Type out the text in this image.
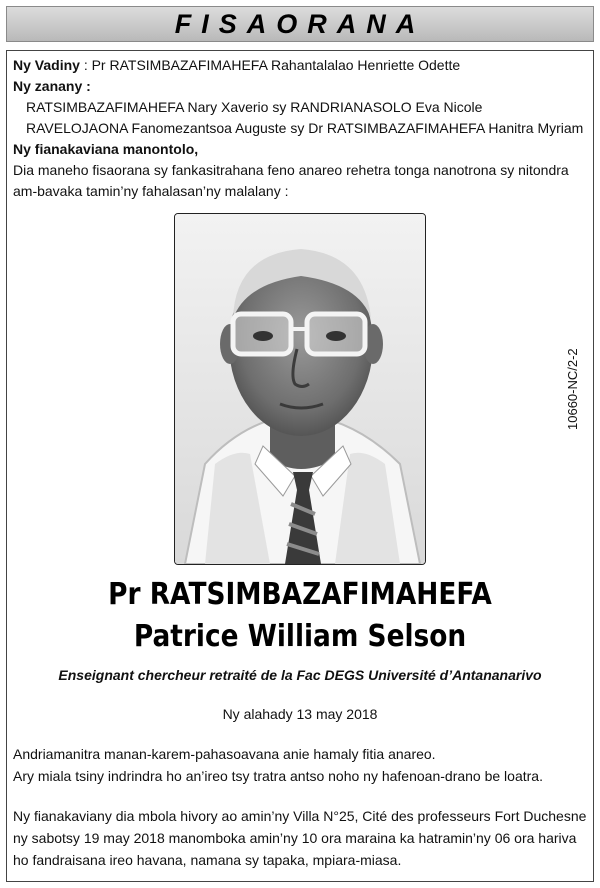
FISAORANA
Ny Vadiny : Pr RATSIMBAZAFIMAHEFA Rahantalalao Henriette Odette
Ny zanany :
RATSIMBAZAFIMAHEFA Nary Xaverio sy RANDRIANASOLO Eva Nicole
RAVELOJAONA Fanomezantsoa Auguste sy Dr RATSIMBAZAFIMAHEFA Hanitra Myriam
Ny fianakaviana manontolo,
Dia maneho fisaorana sy fankasitrahana feno anareo rehetra tonga nanotrona sy nitondra
am-bavaka tamin’ny fahalasan’ny malalany :
10660-NC/2-2
Pr RATSIMBAZAFIMAHEFA
Patrice William Selson
Enseignant chercheur retraité de la Fac DEGS Université d’Antananarivo
Ny alahady 13 may 2018
Andriamanitra manan-karem-pahasoavana anie hamaly fitia anareo.
Ary miala tsiny indrindra ho an’ireo tsy tratra antso noho ny hafenoan-drano be loatra.
Ny fianakaviany dia mbola hivory ao amin’ny Villa N°25, Cité des professeurs Fort Duchesne
ny sabotsy 19 may 2018 manomboka amin’ny 10 ora maraina ka hatramin’ny 06 ora hariva
ho fandraisana ireo havana, namana sy tapaka, mpiara-miasa.
